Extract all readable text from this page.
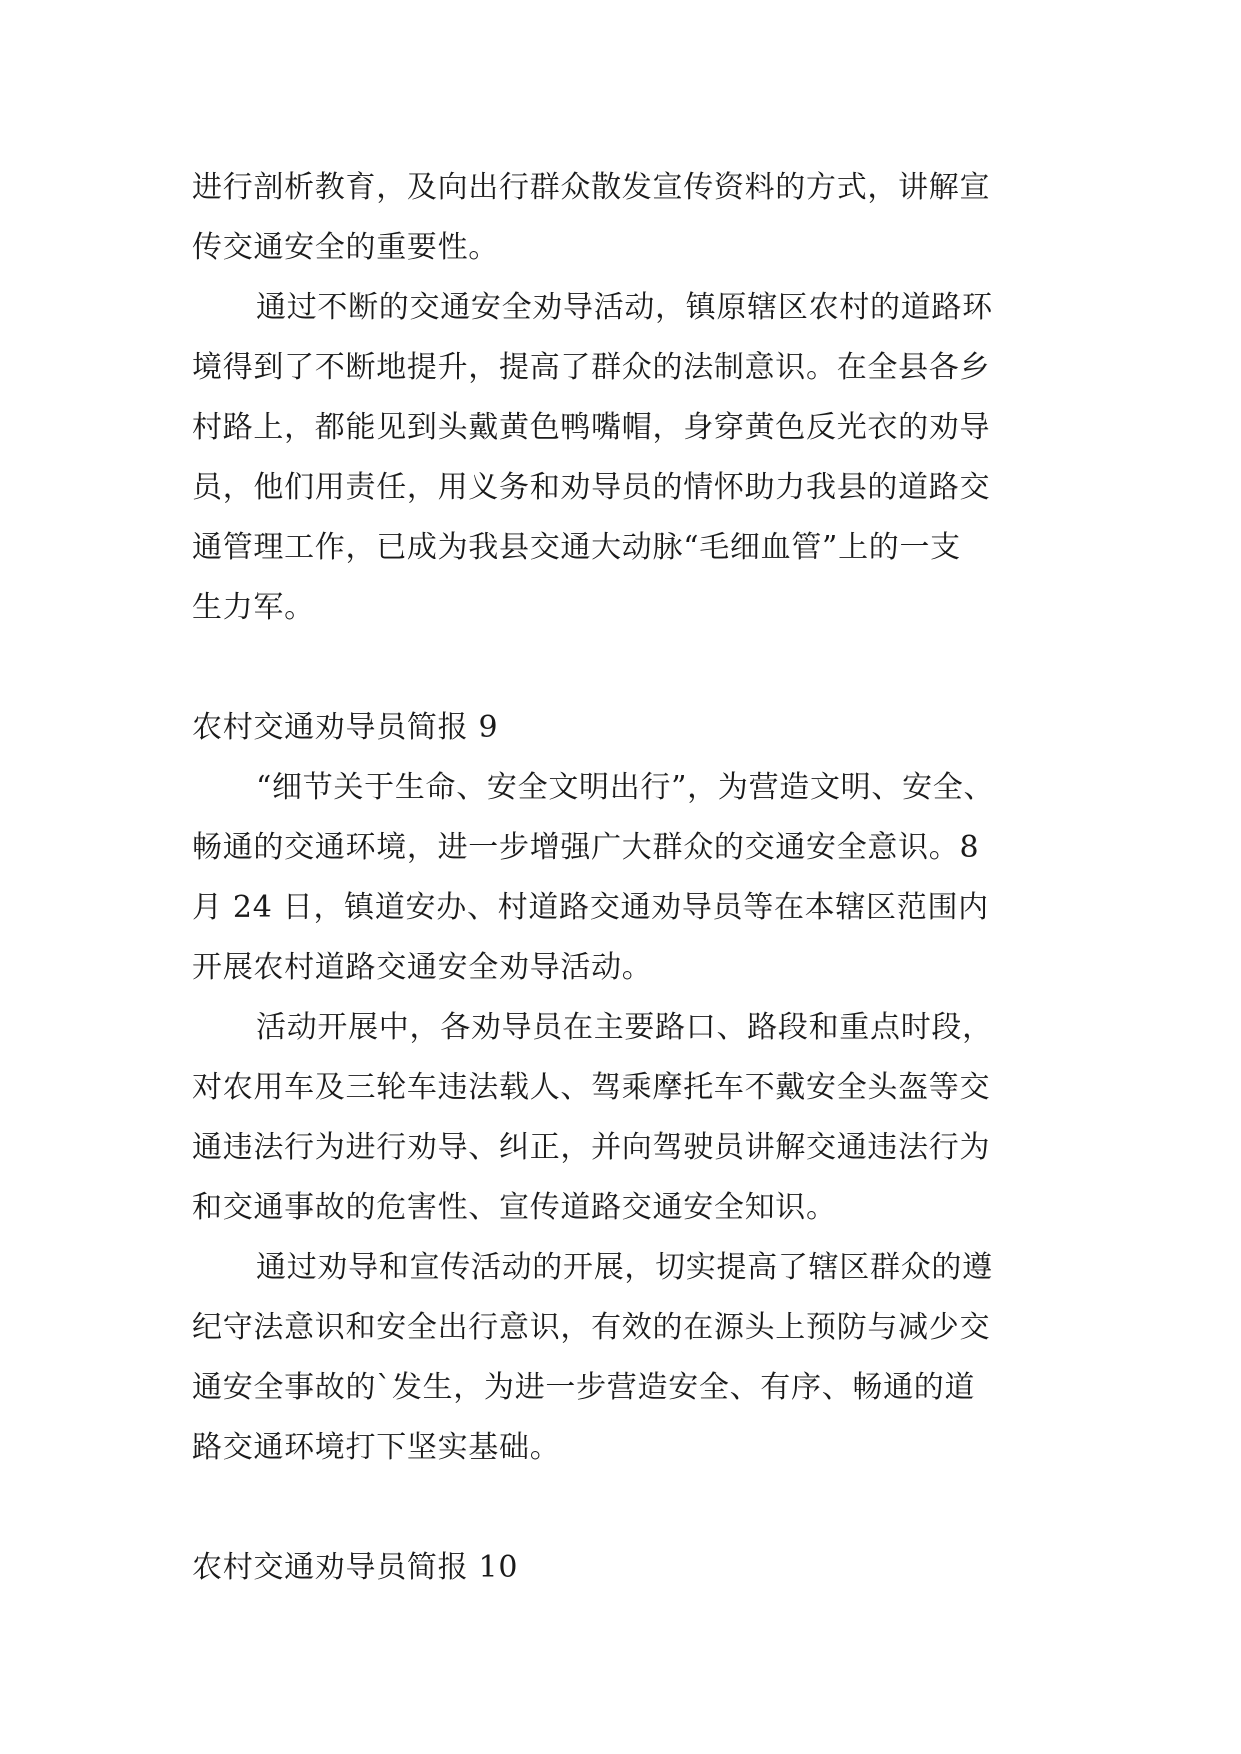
进行剖析教育，及向出行群众散发宣传资料的方式，讲解宣
传交通安全的重要性。
通过不断的交通安全劝导活动，镇原辖区农村的道路环
境得到了不断地提升，提高了群众的法制意识。在全县各乡
村路上，都能见到头戴黄色鸭嘴帽，身穿黄色反光衣的劝导
员，他们用责任，用义务和劝导员的情怀助力我县的道路交
通管理工作，已成为我县交通大动脉“毛细血管”上的一支
生力军。
农村交通劝导员简报 9
“细节关于生命、安全文明出行”，为营造文明、安全、
畅通的交通环境，进一步增强广大群众的交通安全意识。8
月 24 日，镇道安办、村道路交通劝导员等在本辖区范围内
开展农村道路交通安全劝导活动。
活动开展中，各劝导员在主要路口、路段和重点时段，
对农用车及三轮车违法载人、驾乘摩托车不戴安全头盔等交
通违法行为进行劝导、纠正，并向驾驶员讲解交通违法行为
和交通事故的危害性、宣传道路交通安全知识。
通过劝导和宣传活动的开展，切实提高了辖区群众的遵
纪守法意识和安全出行意识，有效的在源头上预防与减少交
通安全事故的`发生，为进一步营造安全、有序、畅通的道
路交通环境打下坚实基础。
农村交通劝导员简报 10
